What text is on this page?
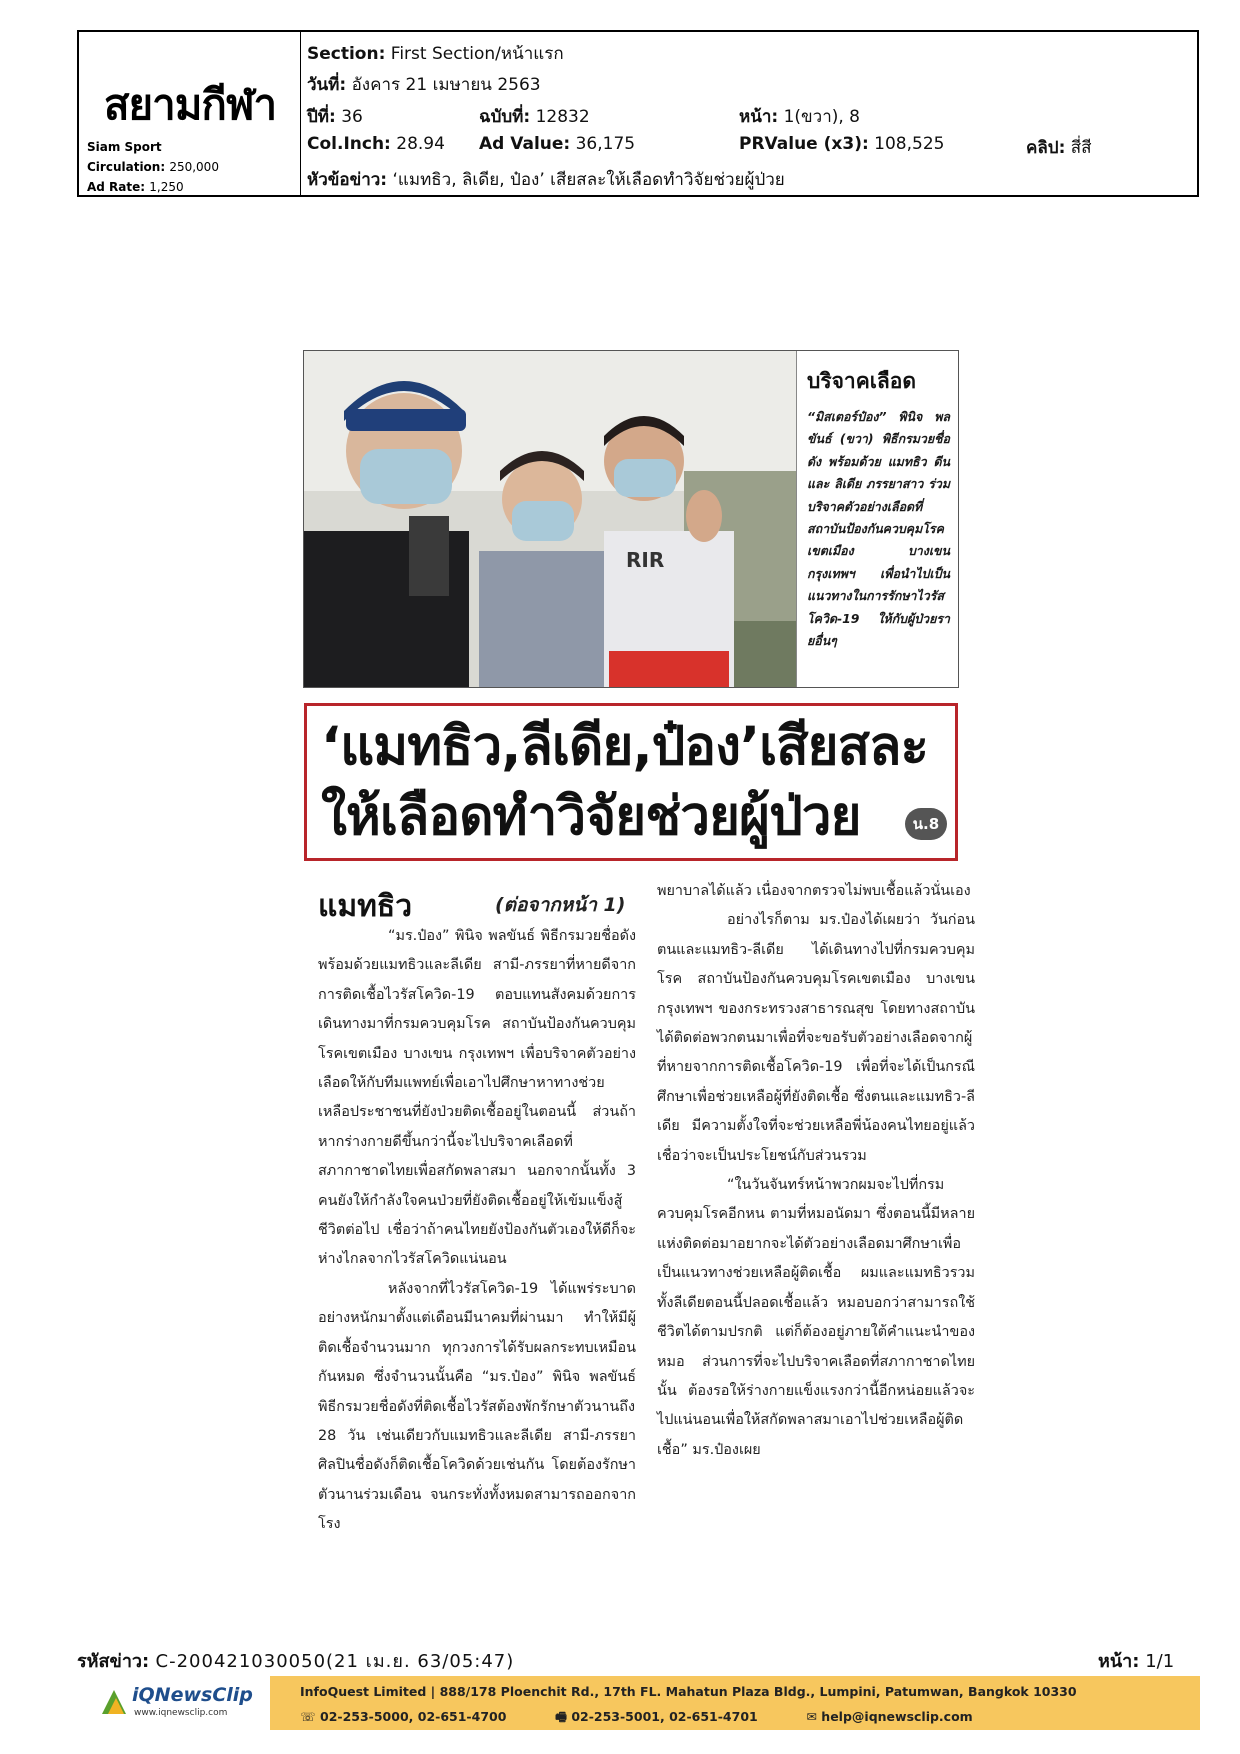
สยามกีฬา
Siam Sport
Circulation: 250,000
Ad Rate: 1,250
Section: First Section/หน้าแรก
วันที่: อังคาร 21 เมษายน 2563
ปีที่: 36	ฉบับที่: 12832	หน้า: 1(ขวา), 8
Col.Inch: 28.94 Ad Value: 36,175	PRValue (x3): 108,525	คลิป: สี่สี
หัวข้อข่าว: ‘แมทธิว, ลิเดีย, ป๋อง’ เสียสละให้เลือดทำวิจัยช่วยผู้ป่วย
RIR
บริจาคเลือด
“มิสเตอร์ป๋อง” พินิจ พลขันธ์ (ขวา) พิธีกรมวยชื่อดัง พร้อมด้วย แมทธิว ดีน และ ลิเดีย ภรรยาสาว ร่วมบริจาคตัวอย่างเลือดที่สถาบันป้องกันควบคุมโรคเขตเมือง บางเขน กรุงเทพฯ เพื่อนำไปเป็นแนวทางในการรักษาไวรัสโควิด-19 ให้กับผู้ป่วยรายอื่นๆ
‘แมทธิว,ลีเดีย,ป๋อง’เสียสละ
ให้เลือดทำวิจัยช่วยผู้ป่วย	น.8
แมทธิว	(ต่อจากหน้า 1)

“มร.ป๋อง” พินิจ พลขันธ์ พิธีกรมวยชื่อดังพร้อมด้วยแมทธิวและลีเดีย สามี-ภรรยาที่หายดีจากการติดเชื้อไวรัสโควิด-19 ตอบแทนสังคมด้วยการเดินทางมาที่กรมควบคุมโรค สถาบันป้องกันควบคุมโรคเขตเมือง บางเขน กรุงเทพฯ เพื่อบริจาคตัวอย่างเลือดให้กับทีมแพทย์เพื่อเอาไปศึกษาหาทางช่วยเหลือประชาชนที่ยังป่วยติดเชื้ออยู่ในตอนนี้ ส่วนถ้าหากร่างกายดีขึ้นกว่านี้จะไปบริจาคเลือดที่สภากาชาดไทยเพื่อสกัดพลาสมา นอกจากนั้นทั้ง 3 คนยังให้กำลังใจคนป่วยที่ยังติดเชื้ออยู่ให้เข้มแข็งสู้ชีวิตต่อไป เชื่อว่าถ้าคนไทยยังป้องกันตัวเองให้ดีก็จะห่างไกลจากไวรัสโควิดแน่นอน

หลังจากที่ไวรัสโควิด-19 ได้แพร่ระบาดอย่างหนักมาตั้งแต่เดือนมีนาคมที่ผ่านมา ทำให้มีผู้ติดเชื้อจำนวนมาก ทุกวงการได้รับผลกระทบเหมือนกันหมด ซึ่งจำนวนนั้นคือ “มร.ป๋อง” พินิจ พลขันธ์ พิธีกรมวยชื่อดังที่ติดเชื้อไวรัสต้องพักรักษาตัวนานถึง 28 วัน เช่นเดียวกับแมทธิวและลีเดีย สามี-ภรรยาศิลปินชื่อดังก็ติดเชื้อโควิดด้วยเช่นกัน โดยต้องรักษาตัวนานร่วมเดือน จนกระทั่งทั้งหมดสามารถออกจากโรง

พยาบาลได้แล้ว เนื่องจากตรวจไม่พบเชื้อแล้วนั่นเอง

อย่างไรก็ตาม มร.ป๋องได้เผยว่า วันก่อนตนและแมทธิว-ลีเดีย ได้เดินทางไปที่กรมควบคุมโรค สถาบันป้องกันควบคุมโรคเขตเมือง บางเขน กรุงเทพฯ ของกระทรวงสาธารณสุข โดยทางสถาบันได้ติดต่อพวกตนมาเพื่อที่จะขอรับตัวอย่างเลือดจากผู้ที่หายจากการติดเชื้อโควิด-19 เพื่อที่จะได้เป็นกรณีศึกษาเพื่อช่วยเหลือผู้ที่ยังติดเชื้อ ซึ่งตนและแมทธิว-ลีเดีย มีความตั้งใจที่จะช่วยเหลือพี่น้องคนไทยอยู่แล้ว เชื่อว่าจะเป็นประโยชน์กับส่วนรวม

“ในวันจันทร์หน้าพวกผมจะไปที่กรมควบคุมโรคอีกหน ตามที่หมอนัดมา ซึ่งตอนนี้มีหลายแห่งติดต่อมาอยากจะได้ตัวอย่างเลือดมาศึกษาเพื่อเป็นแนวทางช่วยเหลือผู้ติดเชื้อ ผมและแมทธิวรวมทั้งลีเดียตอนนี้ปลอดเชื้อแล้ว หมอบอกว่าสามารถใช้ชีวิตได้ตามปรกติ แต่ก็ต้องอยู่ภายใต้คำแนะนำของหมอ ส่วนการที่จะไปบริจาคเลือดที่สภากาชาดไทยนั้น ต้องรอให้ร่างกายแข็งแรงกว่านี้อีกหน่อยแล้วจะไปแน่นอนเพื่อให้สกัดพลาสมาเอาไปช่วยเหลือผู้ติดเชื้อ” มร.ป๋องเผย

รหัสข่าว: C-200421030050(21 เม.ย. 63/05:47)	หน้า: 1/1
iQNewsClip
www.iqnewsclip.com
InfoQuest Limited | 888/178 Ploenchit Rd., 17th FL. Mahatun Plaza Bldg., Lumpini, Patumwan, Bangkok 10330
☏ 02-253-5000, 02-651-4700	🖷 02-253-5001, 02-651-4701	✉ help@iqnewsclip.com
